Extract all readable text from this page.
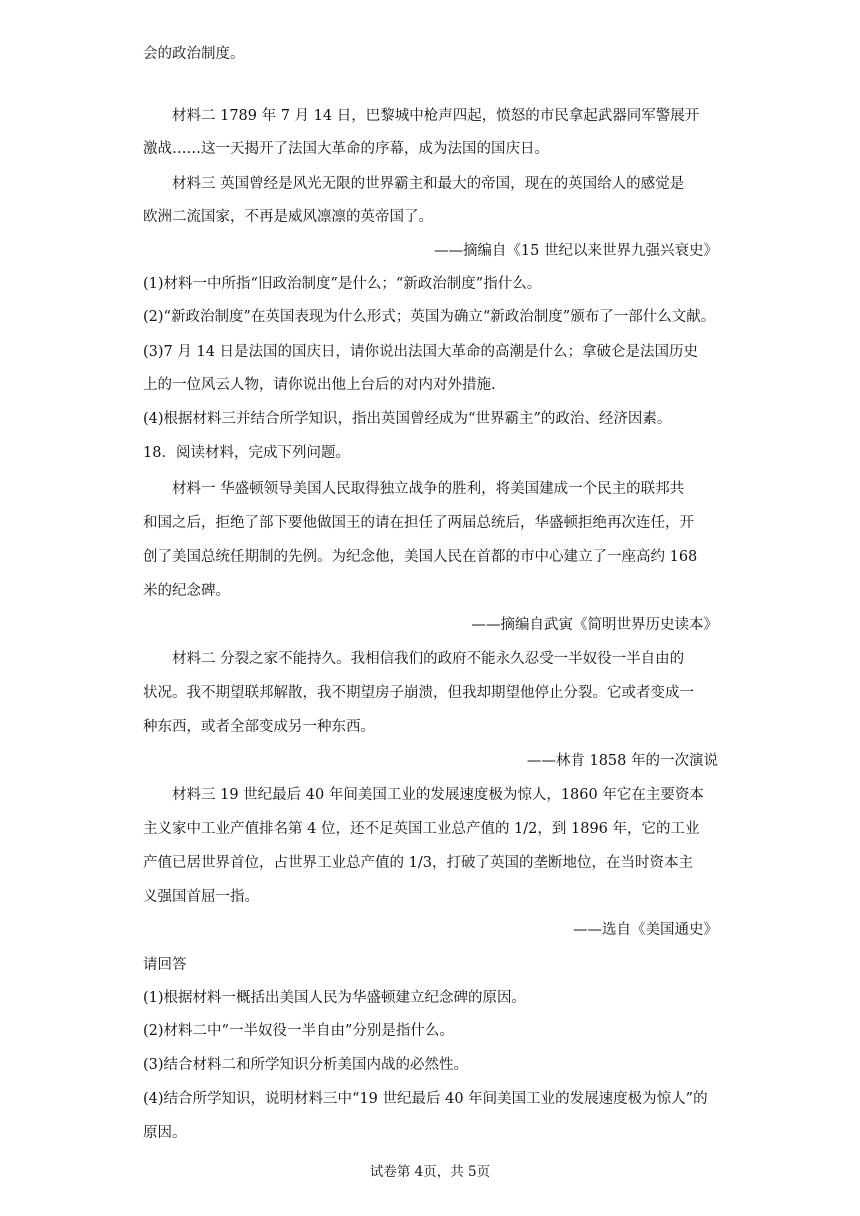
会的政治制度。
材料二 1789 年 7 月 14 日，巴黎城中枪声四起，愤怒的市民拿起武器同军警展开
激战……这一天揭开了法国大革命的序幕，成为法国的国庆日。
材料三 英国曾经是风光无限的世界霸主和最大的帝国，现在的英国给人的感觉是
欧洲二流国家，不再是威风凛凛的英帝国了。
——摘编自《15 世纪以来世界九强兴衰史》
(1)材料一中所指“旧政治制度”是什么；“新政治制度”指什么。
(2)“新政治制度”在英国表现为什么形式；英国为确立“新政治制度”颁布了一部什么文献。
(3)7 月 14 日是法国的国庆日，请你说出法国大革命的高潮是什么；拿破仑是法国历史
上的一位风云人物，请你说出他上台后的对内对外措施.
(4)根据材料三并结合所学知识，指出英国曾经成为“世界霸主”的政治、经济因素。
18．阅读材料，完成下列问题。
材料一 华盛顿领导美国人民取得独立战争的胜利，将美国建成一个民主的联邦共
和国之后，拒绝了部下要他做国王的请在担任了两届总统后，华盛顿拒绝再次连任，开
创了美国总统任期制的先例。为纪念他，美国人民在首都的市中心建立了一座高约 168
米的纪念碑。
——摘编自武寅《简明世界历史读本》
材料二 分裂之家不能持久。我相信我们的政府不能永久忍受一半奴役一半自由的
状况。我不期望联邦解散，我不期望房子崩溃，但我却期望他停止分裂。它或者变成一
种东西，或者全部变成另一种东西。
——林肯 1858 年的一次演说
材料三 19 世纪最后 40 年间美国工业的发展速度极为惊人，1860 年它在主要资本
主义家中工业产值排名第 4 位，还不足英国工业总产值的 1/2，到 1896 年，它的工业
产值已居世界首位，占世界工业总产值的 1/3，打破了英国的垄断地位，在当时资本主
义强国首屈一指。
——选自《美国通史》
请回答
(1)根据材料一概括出美国人民为华盛顿建立纪念碑的原因。
(2)材料二中“一半奴役一半自由”分别是指什么。
(3)结合材料二和所学知识分析美国内战的必然性。
(4)结合所学知识，说明材料三中“19 世纪最后 40 年间美国工业的发展速度极为惊人”的
原因。
试卷第 4页，共 5页
